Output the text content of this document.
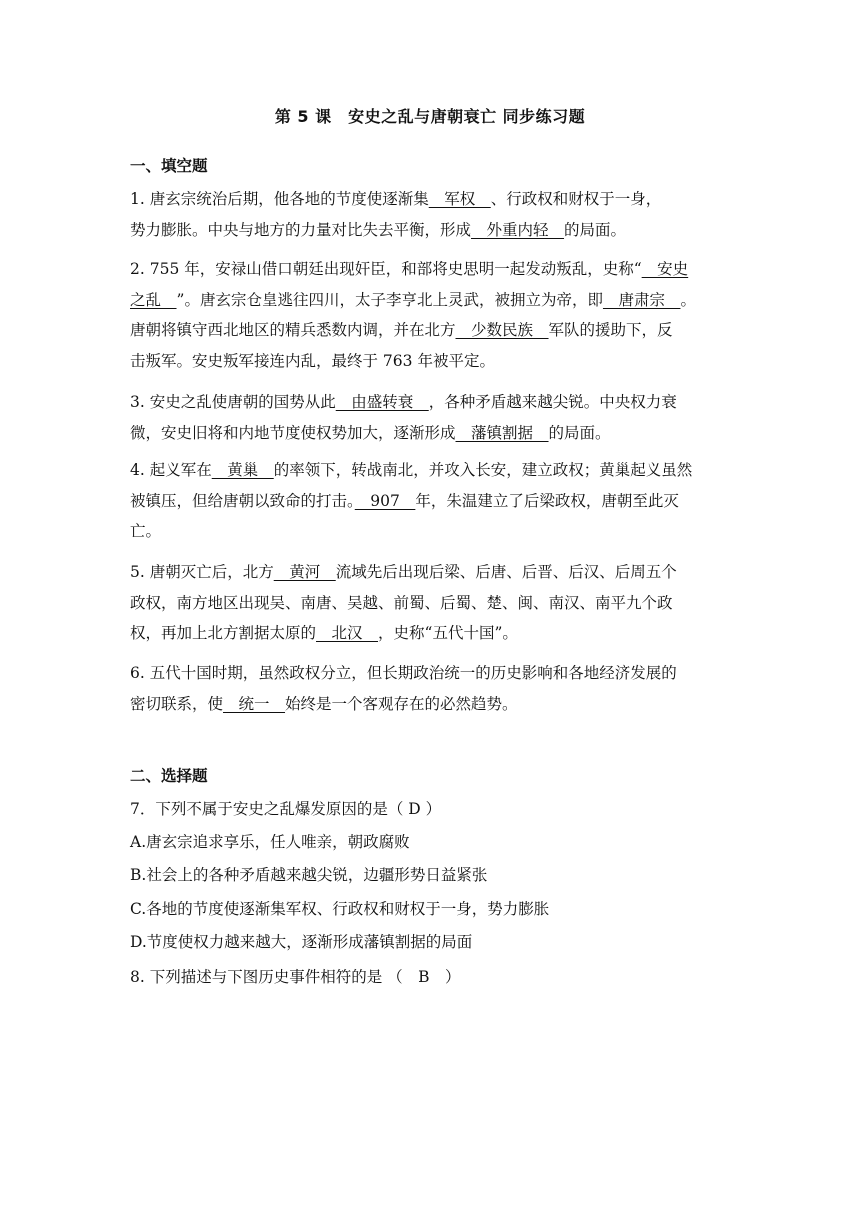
第 5 课　安史之乱与唐朝衰亡 同步练习题
一、填空题
1. 唐玄宗统治后期，他各地的节度使逐渐集　军权　、行政权和财权于一身，
势力膨胀。中央与地方的力量对比失去平衡，形成　外重内轻　的局面。
2. 755 年，安禄山借口朝廷出现奸臣，和部将史思明一起发动叛乱，史称“　安史
之乱　”。唐玄宗仓皇逃往四川，太子李亨北上灵武，被拥立为帝，即　唐肃宗　。
唐朝将镇守西北地区的精兵悉数内调，并在北方　少数民族　军队的援助下，反
击叛军。安史叛军接连内乱，最终于 763 年被平定。
3. 安史之乱使唐朝的国势从此　由盛转衰　，各种矛盾越来越尖锐。中央权力衰
微，安史旧将和内地节度使权势加大，逐渐形成　藩镇割据　的局面。
4. 起义军在　黄巢　的率领下，转战南北，并攻入长安，建立政权；黄巢起义虽然
被镇压，但给唐朝以致命的打击。　907　年，朱温建立了后梁政权，唐朝至此灭
亡。
5. 唐朝灭亡后，北方　黄河　流域先后出现后梁、后唐、后晋、后汉、后周五个
政权，南方地区出现吴、南唐、吴越、前蜀、后蜀、楚、闽、南汉、南平九个政
权，再加上北方割据太原的　北汉　，史称“五代十国”。
6. 五代十国时期，虽然政权分立，但长期政治统一的历史影响和各地经济发展的
密切联系，使　统一　始终是一个客观存在的必然趋势。
二、选择题
7．下列不属于安史之乱爆发原因的是（ D ）
A.唐玄宗追求享乐，任人唯亲，朝政腐败
B.社会上的各种矛盾越来越尖锐，边疆形势日益紧张
C.各地的节度使逐渐集军权、行政权和财权于一身，势力膨胀
D.节度使权力越来越大，逐渐形成藩镇割据的局面
8. 下列描述与下图历史事件相符的是 （　B　）
